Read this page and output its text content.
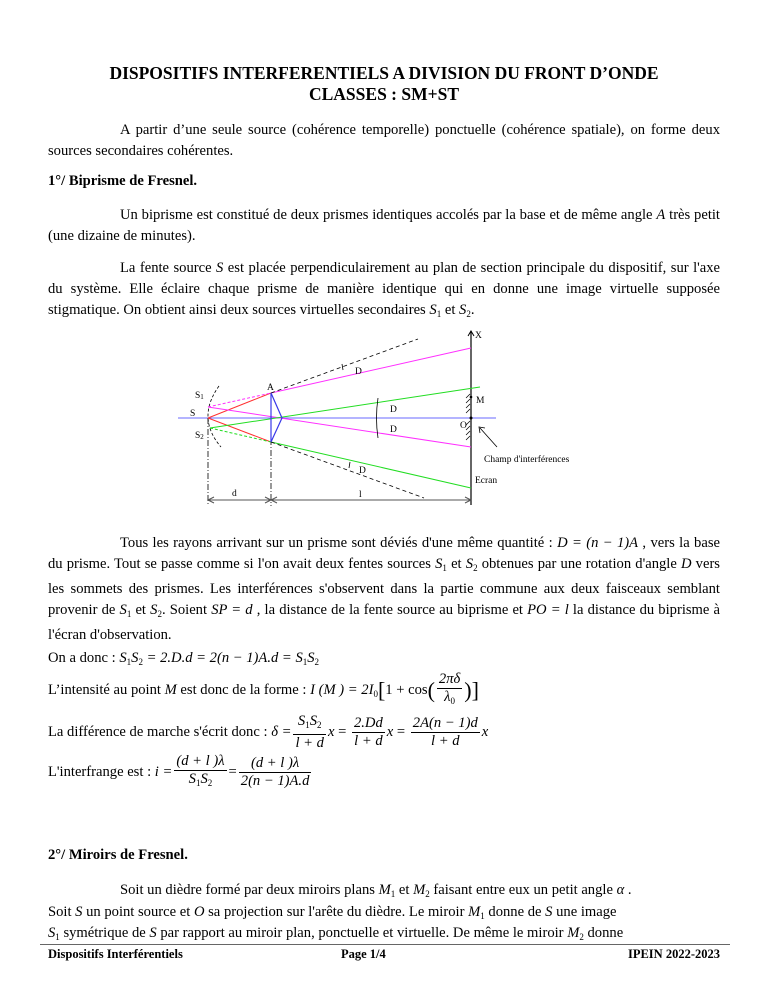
DISPOSITIFS INTERFERENTIELS A DIVISION DU FRONT D’ONDE
CLASSES : SM+ST
A partir d’une seule source (cohérence temporelle) ponctuelle (cohérence spatiale), on forme deux sources secondaires cohérentes.
1°/ Biprisme de Fresnel.
Un biprisme est constitué de deux prismes identiques accolés par la base et de même angle A très petit (une dizaine de minutes).
La fente source S est placée perpendiculairement au plan de section principale du dispositif, sur l'axe du système. Elle éclaire chaque prisme de manière identique qui en donne une image virtuelle supposée stigmatique. On obtient ainsi deux sources virtuelles secondaires $S_1$ et $S_2$.
S1
S
S2
A
D
D
D
D
X
M
O
Champ d'interférences
Ecran
d	l
Tous les rayons arrivant sur un prisme sont déviés d'une même quantité : D = (n − 1)A , vers la base du prisme. Tout se passe comme si l'on avait deux fentes sources $S_1$ et $S_2$ obtenues par une rotation d'angle D vers les sommets des prismes. Les interférences s'observent dans la partie commune aux deux faisceaux semblant provenir de $S_1$ et $S_2$. Soient SP = d , la distance de la fente source au biprisme et PO = l la distance du biprisme à l'écran d'observation.
On a donc : $S_1S_2 = 2.D.d = 2(n - 1)A.d = S_1S_2$
L’intensité au point M est donc de la forme : I (M ) = $2I_0[1 + \cos( \frac{2\pi\delta}{\lambda_0}$ )]
La différence de marche s'écrit donc : $\delta = \frac{S_1S_2}{l + d}$ $x = \frac{2.Dd}{l + d}$ $x = \frac{2A(n - 1)d}{l + d}$ x
L'interfrange est : $i = \frac{(d + l )\lambda}{S_1S_2} = \frac{(d + l )\lambda}{2(n - 1)A.d}$
2°/ Miroirs de Fresnel.
Soit un dièdre formé par deux miroirs plans $M_1$ et $M_2$ faisant entre eux un petit angle α .
Soit S un point source et O sa projection sur l'arête du dièdre. Le miroir $M_1$ donne de S une image
$S_1$ symétrique de S par rapport au miroir plan, ponctuelle et virtuelle. De même le miroir $M_2$ donne
Dispositifs Interférentiels	Page 1/4	IPEIN 2022-2023
